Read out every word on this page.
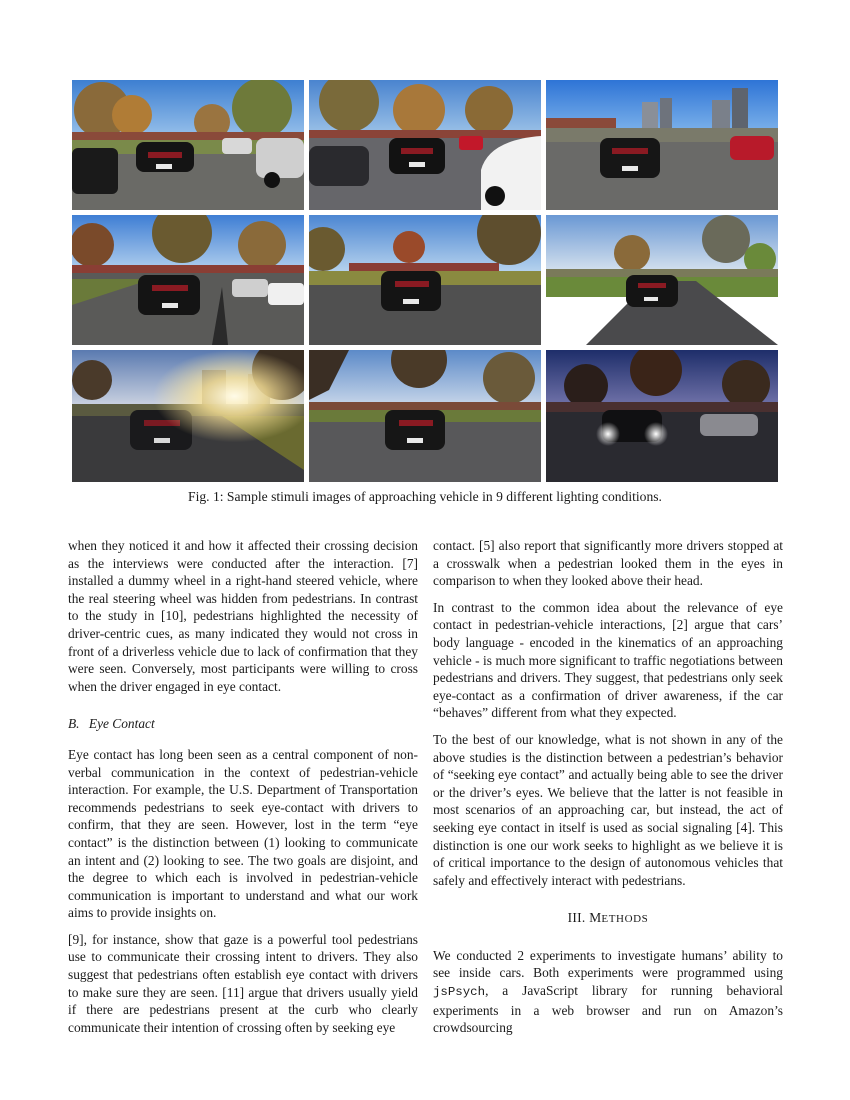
Fig. 1: Sample stimuli images of approaching vehicle in 9 different lighting conditions.

when they noticed it and how it affected their crossing decision as the interviews were conducted after the interaction. [7] installed a dummy wheel in a right-hand steered vehicle, where the real steering wheel was hidden from pedestrians. In contrast to the study in [10], pedestrians highlighted the necessity of driver-centric cues, as many indicated they would not cross in front of a driverless vehicle due to lack of confirmation that they were seen. Conversely, most participants were willing to cross when the driver engaged in eye contact.

B. Eye Contact

Eye contact has long been seen as a central component of non-verbal communication in the context of pedestrian-vehicle interaction. For example, the U.S. Department of Transportation recommends pedestrians to seek eye-contact with drivers to confirm, that they are seen. However, lost in the term “eye contact” is the distinction between (1) looking to communicate an intent and (2) looking to see. The two goals are disjoint, and the degree to which each is involved in pedestrian-vehicle communication is important to understand and what our work aims to provide insights on.

[9], for instance, show that gaze is a powerful tool pedestrians use to communicate their crossing intent to drivers. They also suggest that pedestrians often establish eye contact with drivers to make sure they are seen. [11] argue that drivers usually yield if there are pedestrians present at the curb who clearly communicate their intention of crossing often by seeking eye

contact. [5] also report that significantly more drivers stopped at a crosswalk when a pedestrian looked them in the eyes in comparison to when they looked above their head.

In contrast to the common idea about the relevance of eye contact in pedestrian-vehicle interactions, [2] argue that cars’ body language - encoded in the kinematics of an approaching vehicle - is much more significant to traffic negotiations between pedestrians and drivers. They suggest, that pedestrians only seek eye-contact as a confirmation of driver awareness, if the car “behaves” different from what they expected.

To the best of our knowledge, what is not shown in any of the above studies is the distinction between a pedestrian’s behavior of “seeking eye contact” and actually being able to see the driver or the driver’s eyes. We believe that the latter is not feasible in most scenarios of an approaching car, but instead, the act of seeking eye contact in itself is used as social signaling [4]. This distinction is one our work seeks to highlight as we believe it is of critical importance to the design of autonomous vehicles that safely and effectively interact with pedestrians.

III. METHODS

We conducted 2 experiments to investigate humans’ ability to see inside cars. Both experiments were programmed using jsPsych, a JavaScript library for running behavioral experiments in a web browser and run on Amazon’s crowdsourcing
